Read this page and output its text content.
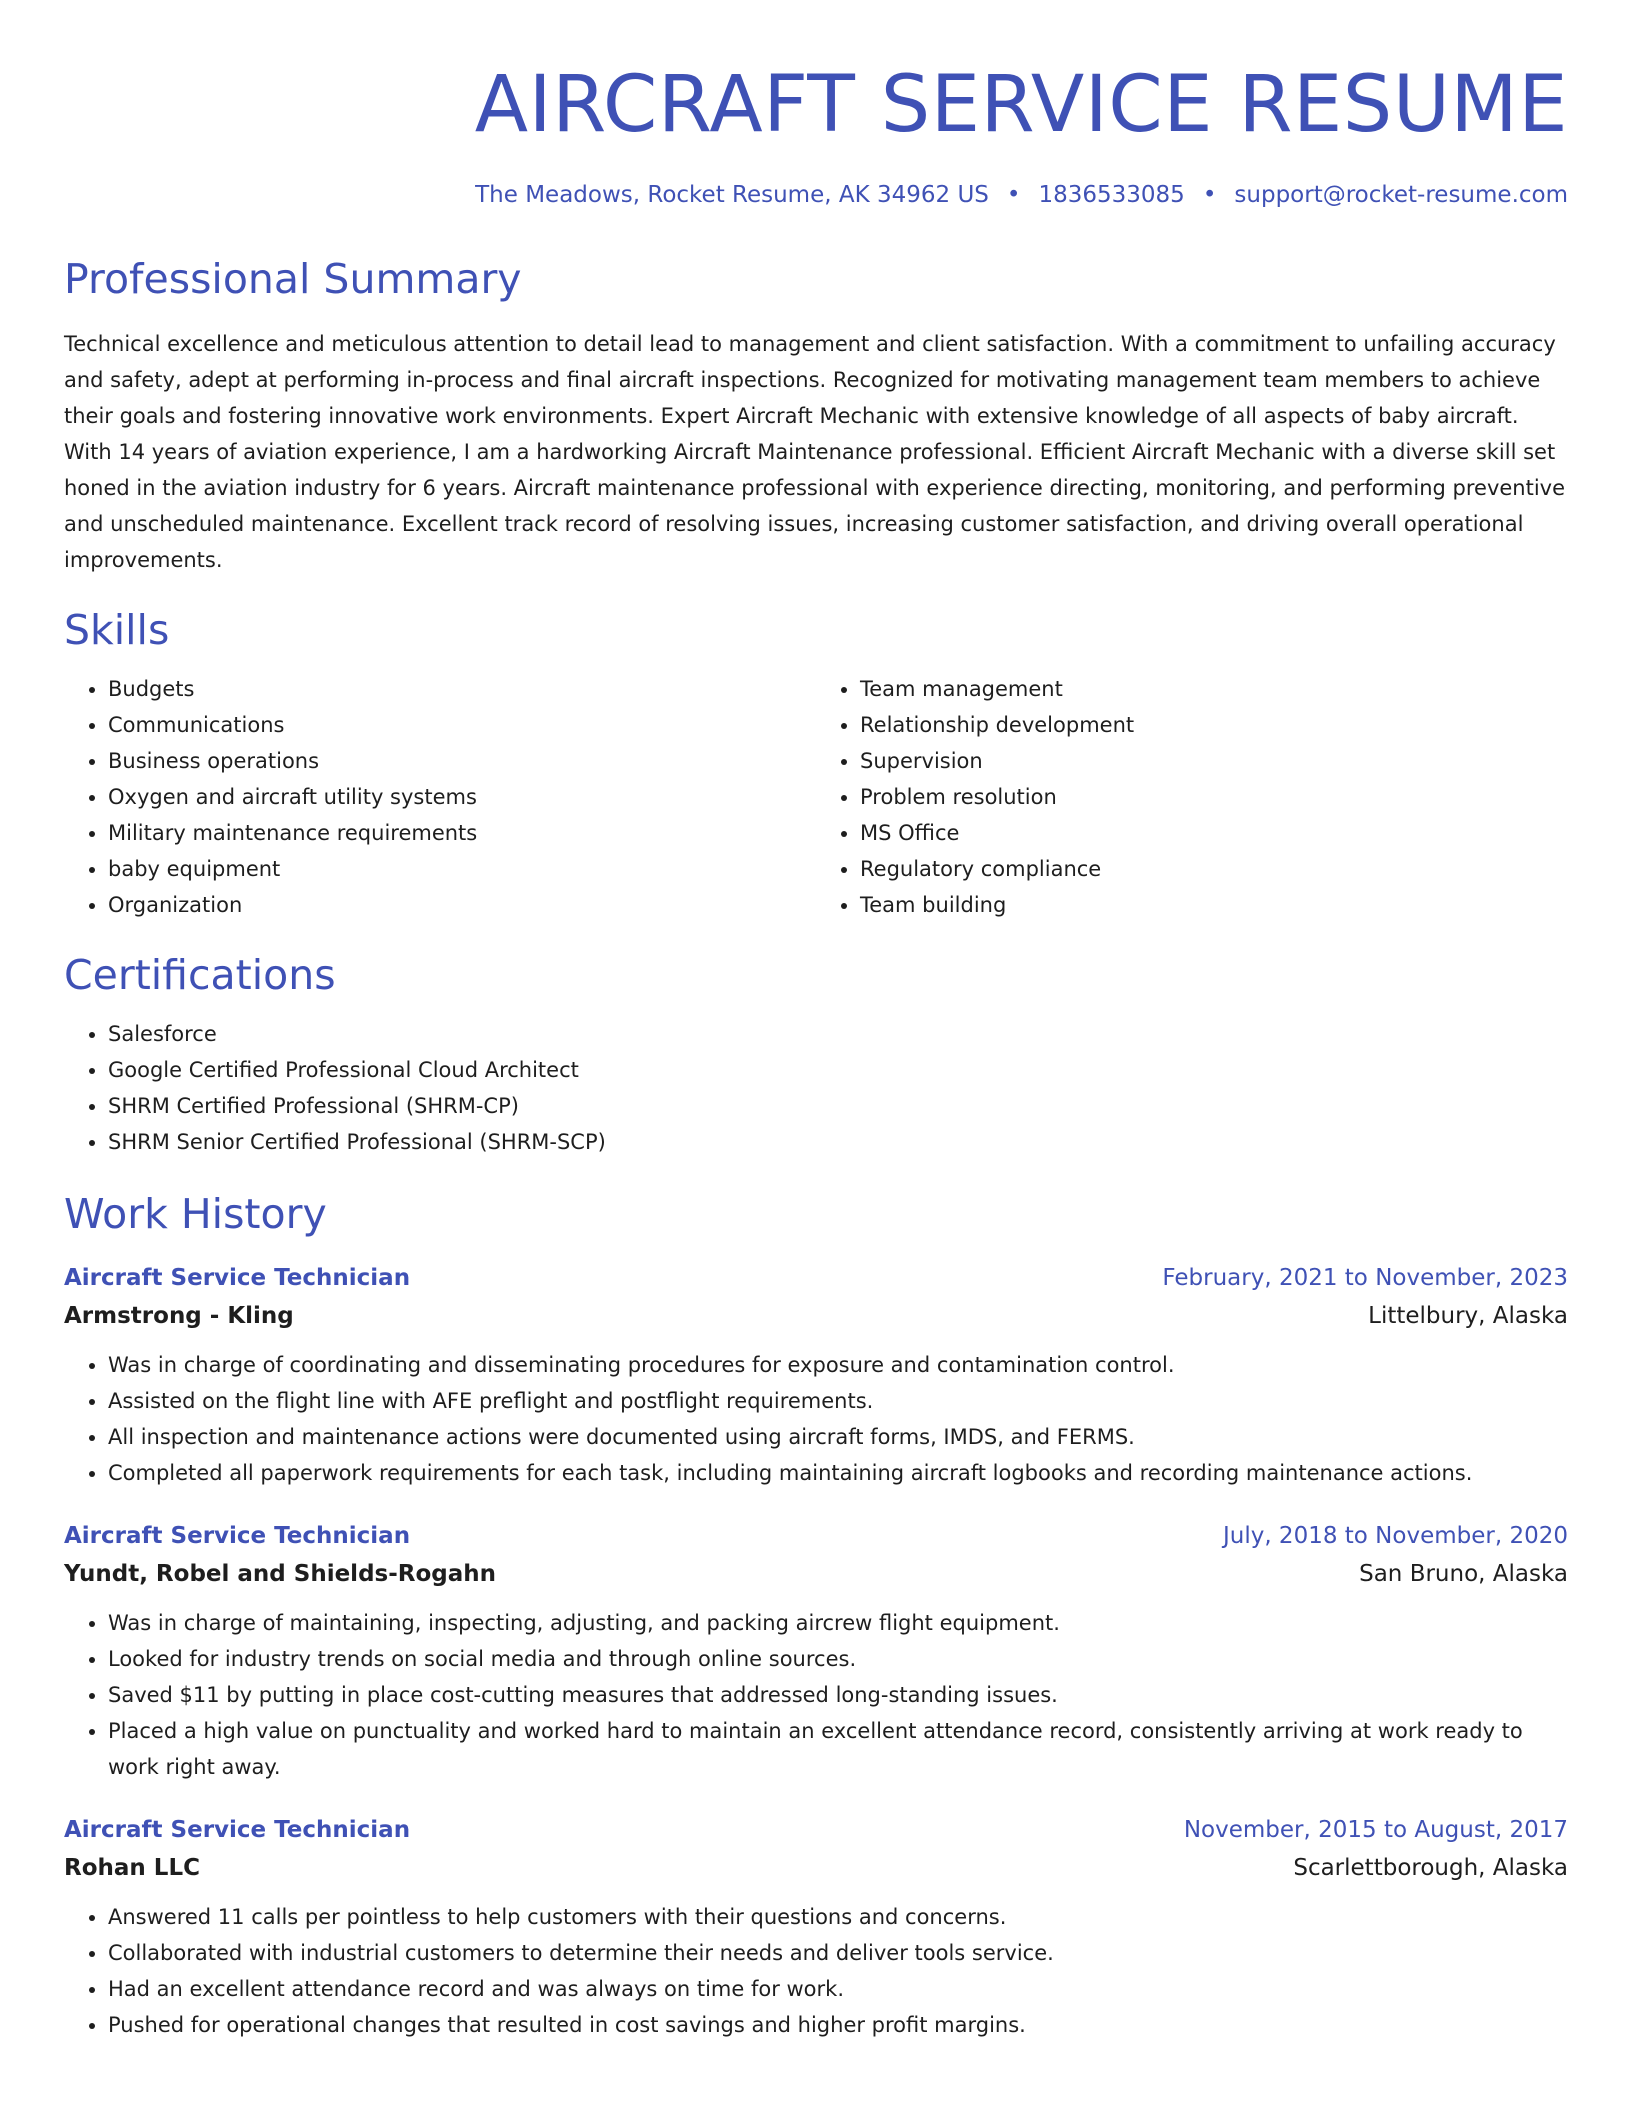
AIRCRAFT SERVICE RESUME
The Meadows, Rocket Resume, AK 34962 US • 1836533085 • support@rocket-resume.com
Professional Summary
Technical excellence and meticulous attention to detail lead to management and client satisfaction. With a commitment to unfailing accuracy and safety, adept at performing in-process and final aircraft inspections. Recognized for motivating management team members to achieve their goals and fostering innovative work environments. Expert Aircraft Mechanic with extensive knowledge of all aspects of baby aircraft. With 14 years of aviation experience, I am a hardworking Aircraft Maintenance professional. Efficient Aircraft Mechanic with a diverse skill set honed in the aviation industry for 6 years. Aircraft maintenance professional with experience directing, monitoring, and performing preventive and unscheduled maintenance. Excellent track record of resolving issues, increasing customer satisfaction, and driving overall operational improvements.
Skills
• Budgets
• Communications
• Business operations
• Oxygen and aircraft utility systems
• Military maintenance requirements
• baby equipment
• Organization
• Team management
• Relationship development
• Supervision
• Problem resolution
• MS Office
• Regulatory compliance
• Team building
Certifications
• Salesforce
• Google Certified Professional Cloud Architect
• SHRM Certified Professional (SHRM-CP)
• SHRM Senior Certified Professional (SHRM-SCP)
Work History
Aircraft Service Technician	February, 2021 to November, 2023
Armstrong - Kling	Littelbury, Alaska
• Was in charge of coordinating and disseminating procedures for exposure and contamination control.
• Assisted on the flight line with AFE preflight and postflight requirements.
• All inspection and maintenance actions were documented using aircraft forms, IMDS, and FERMS.
• Completed all paperwork requirements for each task, including maintaining aircraft logbooks and recording maintenance actions.
Aircraft Service Technician	July, 2018 to November, 2020
Yundt, Robel and Shields-Rogahn	San Bruno, Alaska
• Was in charge of maintaining, inspecting, adjusting, and packing aircrew flight equipment.
• Looked for industry trends on social media and through online sources.
• Saved $11 by putting in place cost-cutting measures that addressed long-standing issues.
• Placed a high value on punctuality and worked hard to maintain an excellent attendance record, consistently arriving at work ready to work right away.
Aircraft Service Technician	November, 2015 to August, 2017
Rohan LLC	Scarlettborough, Alaska
• Answered 11 calls per pointless to help customers with their questions and concerns.
• Collaborated with industrial customers to determine their needs and deliver tools service.
• Had an excellent attendance record and was always on time for work.
• Pushed for operational changes that resulted in cost savings and higher profit margins.
